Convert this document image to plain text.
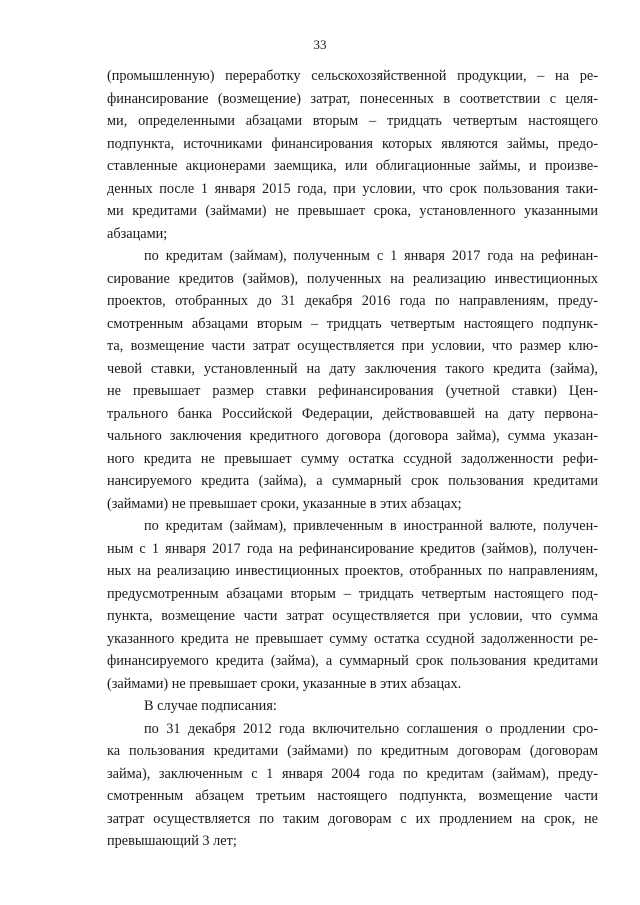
33
(промышленную) переработку сельскохозяйственной продукции, – на ре-
финансирование (возмещение) затрат, понесенных в соответствии с целя-
ми, определенными абзацами вторым – тридцать четвертым настоящего
подпункта, источниками финансирования которых являются займы, предо-
ставленные акционерами заемщика, или облигационные займы, и произве-
денных после 1 января 2015 года, при условии, что срок пользования таки-
ми кредитами (займами) не превышает срока, установленного указанными
абзацами;
по кредитам (займам), полученным с 1 января 2017 года на рефинан-
сирование кредитов (займов), полученных на реализацию инвестиционных
проектов, отобранных до 31 декабря 2016 года по направлениям, преду-
смотренным абзацами вторым – тридцать четвертым настоящего подпунк-
та, возмещение части затрат осуществляется при условии, что размер клю-
чевой ставки, установленный на дату заключения такого кредита (займа),
не превышает размер ставки рефинансирования (учетной ставки) Цен-
трального банка Российской Федерации, действовавшей на дату первона-
чального заключения кредитного договора (договора займа), сумма указан-
ного кредита не превышает сумму остатка ссудной задолженности рефи-
нансируемого кредита (займа), а суммарный срок пользования кредитами
(займами) не превышает сроки, указанные в этих абзацах;
по кредитам (займам), привлеченным в иностранной валюте, получен-
ным с 1 января 2017 года на рефинансирование кредитов (займов), получен-
ных на реализацию инвестиционных проектов, отобранных по направлениям,
предусмотренным абзацами вторым – тридцать четвертым настоящего под-
пункта, возмещение части затрат осуществляется при условии, что сумма
указанного кредита не превышает сумму остатка ссудной задолженности ре-
финансируемого кредита (займа), а суммарный срок пользования кредитами
(займами) не превышает сроки, указанные в этих абзацах.
В случае подписания:
по 31 декабря 2012 года включительно соглашения о продлении сро-
ка пользования кредитами (займами) по кредитным договорам (договорам
займа), заключенным с 1 января 2004 года по кредитам (займам), преду-
смотренным абзацем третьим настоящего подпункта, возмещение части
затрат осуществляется по таким договорам с их продлением на срок, не
превышающий 3 лет;
